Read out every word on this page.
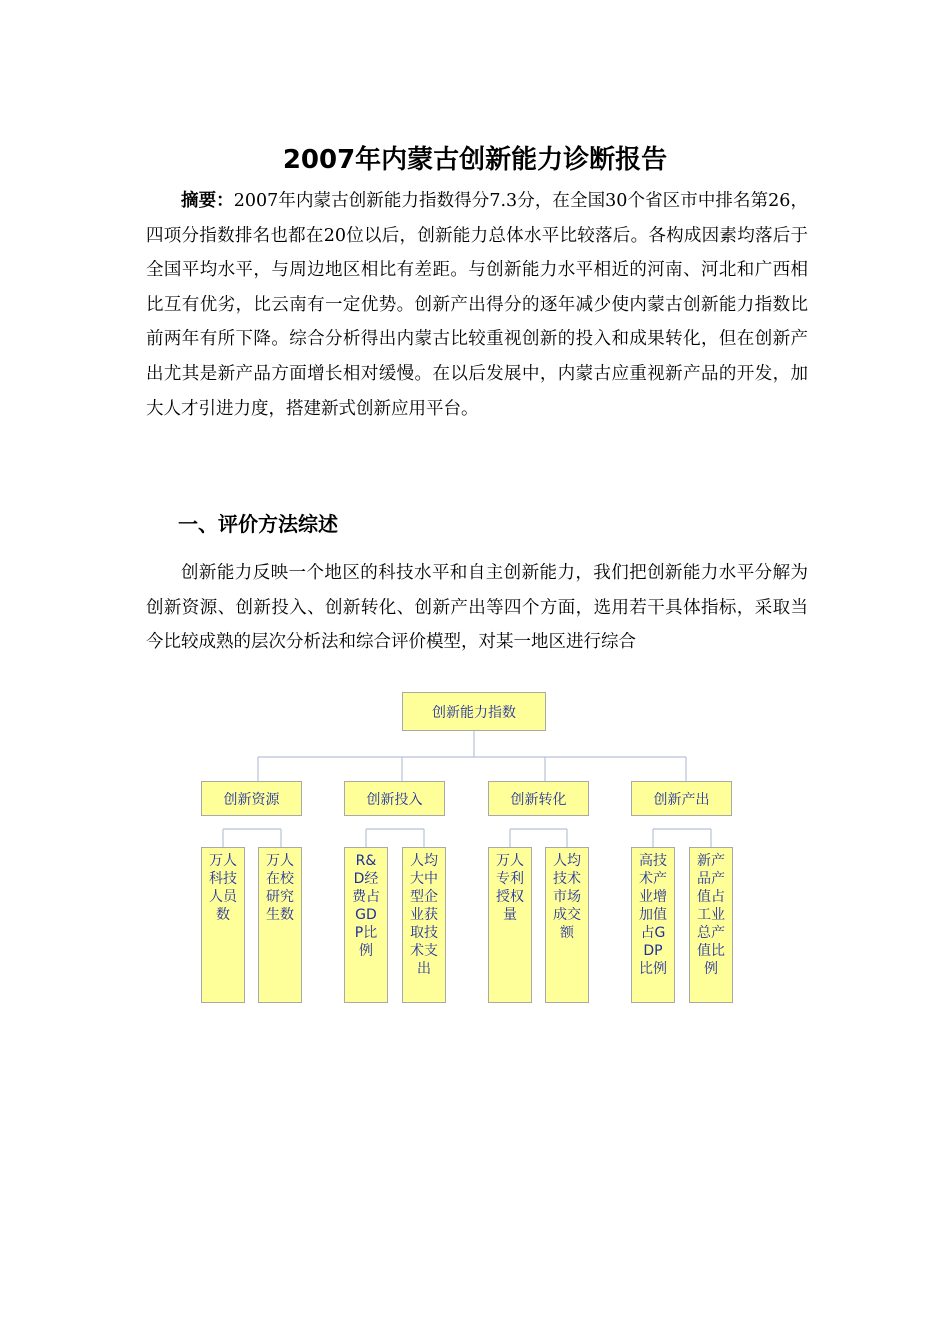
2007年内蒙古创新能力诊断报告

摘要：2007年内蒙古创新能力指数得分7.3分，在全国30个省区市中排名第26，四项分指数排名也都在20位以后，创新能力总体水平比较落后。各构成因素均落后于全国平均水平，与周边地区相比有差距。与创新能力水平相近的河南、河北和广西相比互有优劣，比云南有一定优势。创新产出得分的逐年减少使内蒙古创新能力指数比前两年有所下降。综合分析得出内蒙古比较重视创新的投入和成果转化，但在创新产出尤其是新产品方面增长相对缓慢。在以后发展中，内蒙古应重视新产品的开发，加大人才引进力度，搭建新式创新应用平台。

一、评价方法综述

创新能力反映一个地区的科技水平和自主创新能力，我们把创新能力水平分解为创新资源、创新投入、创新转化、创新产出等四个方面，选用若干具体指标，采取当今比较成熟的层次分析法和综合评价模型，对某一地区进行综合

创新能力指数
创新资源	创新投入	创新转化	创新产出
万人科技人员数
万人在校研究生数
R&D经费占GDP比例
人均大中型企业获取技术支出
万人专利授权量
人均技术市场成交额
高技术产业增加值占GDP比例
新产品产值占工业总产值比例
